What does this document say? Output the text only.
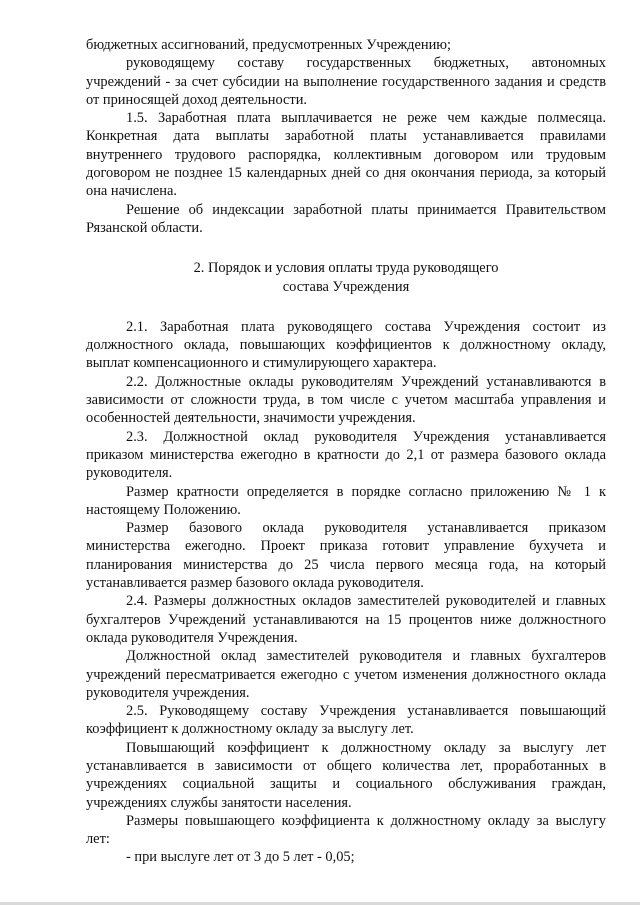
бюджетных ассигнований, предусмотренных Учреждению;

руководящему составу государственных бюджетных, автономных учреждений - за счет субсидии на выполнение государственного задания и средств от приносящей доход деятельности.

1.5. Заработная плата выплачивается не реже чем каждые полмесяца. Конкретная дата выплаты заработной платы устанавливается правилами внутреннего трудового распорядка, коллективным договором или трудовым договором не позднее 15 календарных дней со дня окончания периода, за который она начислена.

Решение об индексации заработной платы принимается Правительством Рязанской области.

2. Порядок и условия оплаты труда руководящего
состава Учреждения

2.1. Заработная плата руководящего состава Учреждения состоит из должностного оклада, повышающих коэффициентов к должностному окладу, выплат компенсационного и стимулирующего характера.

2.2. Должностные оклады руководителям Учреждений устанавливаются в зависимости от сложности труда, в том числе с учетом масштаба управления и особенностей деятельности, значимости учреждения.

2.3. Должностной оклад руководителя Учреждения устанавливается приказом министерства ежегодно в кратности до 2,1 от размера базового оклада руководителя.

Размер кратности определяется в порядке согласно приложению № 1 к настоящему Положению.

Размер базового оклада руководителя устанавливается приказом министерства ежегодно. Проект приказа готовит управление бухучета и планирования министерства до 25 числа первого месяца года, на который устанавливается размер базового оклада руководителя.

2.4. Размеры должностных окладов заместителей руководителей и главных бухгалтеров Учреждений устанавливаются на 15 процентов ниже должностного оклада руководителя Учреждения.

Должностной оклад заместителей руководителя и главных бухгалтеров учреждений пересматривается ежегодно с учетом изменения должностного оклада руководителя учреждения.

2.5. Руководящему составу Учреждения устанавливается повышающий коэффициент к должностному окладу за выслугу лет.

Повышающий коэффициент к должностному окладу за выслугу лет устанавливается в зависимости от общего количества лет, проработанных в учреждениях социальной защиты и социального обслуживания граждан, учреждениях службы занятости населения.

Размеры повышающего коэффициента к должностному окладу за выслугу лет:

- при выслуге лет от 3 до 5 лет - 0,05;
